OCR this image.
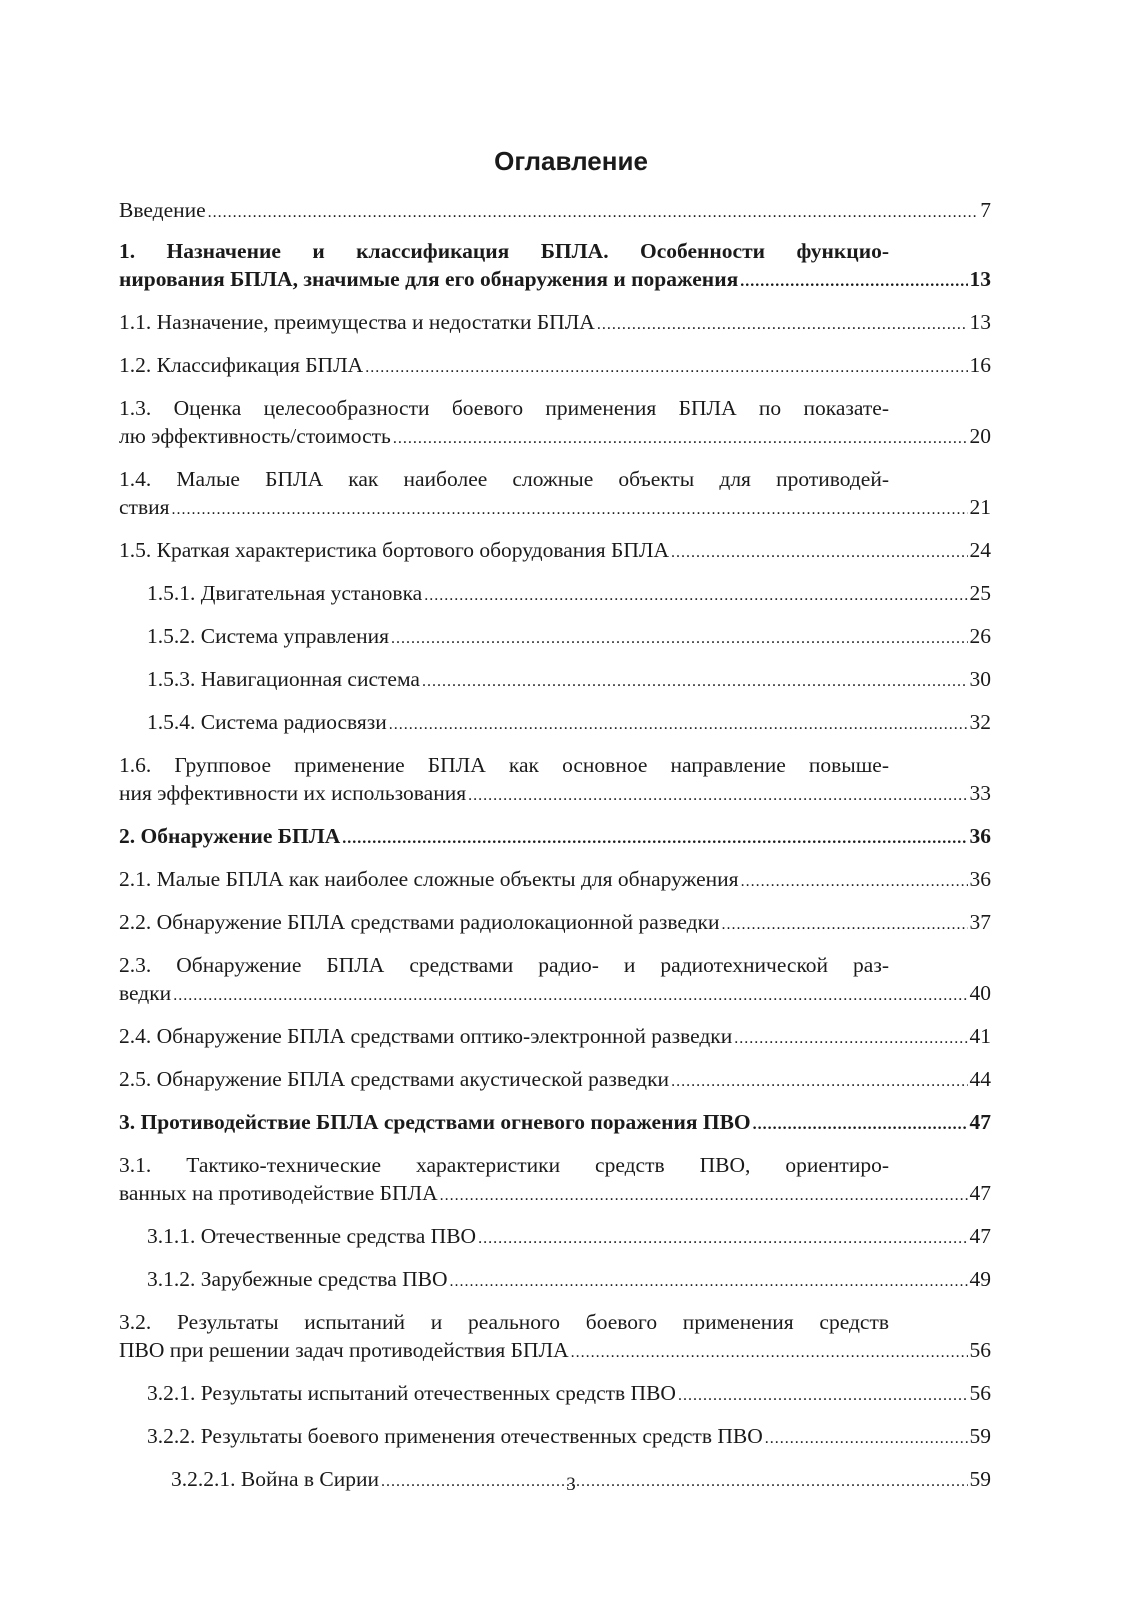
Оглавление
Введение .....	7
1. Назначение и классификация БПЛА. Особенности функцио-
нирования БПЛА, значимые для его обнаружения и поражения .....	13
1.1. Назначение, преимущества и недостатки БПЛА .....	13
1.2. Классификация БПЛА .....	16
1.3. Оценка целесообразности боевого применения БПЛА по показате-
лю эффективность/стоимость .....	20
1.4. Малые БПЛА как наиболее сложные объекты для противодей-
ствия .....	21
1.5. Краткая характеристика бортового оборудования БПЛА .....	24
1.5.1. Двигательная установка .....	25
1.5.2. Система управления .....	26
1.5.3. Навигационная система .....	30
1.5.4. Система радиосвязи .....	32
1.6. Групповое применение БПЛА как основное направление повыше-
ния эффективности их использования .....	33
2. Обнаружение БПЛА .....	36
2.1. Малые БПЛА как наиболее сложные объекты для обнаружения .....	36
2.2. Обнаружение БПЛА средствами радиолокационной разведки .....	37
2.3. Обнаружение БПЛА средствами радио- и радиотехнической раз-
ведки .....	40
2.4. Обнаружение БПЛА средствами оптико-электронной разведки .....	41
2.5. Обнаружение БПЛА средствами акустической разведки .....	44
3. Противодействие БПЛА средствами огневого поражения ПВО .....	47
3.1. Тактико-технические характеристики средств ПВО, ориентиро-
ванных на противодействие БПЛА .....	47
3.1.1. Отечественные средства ПВО .....	47
3.1.2. Зарубежные средства ПВО .....	49
3.2. Результаты испытаний и реального боевого применения средств
ПВО при решении задач противодействия БПЛА .....	56
3.2.1. Результаты испытаний отечественных средств ПВО .....	56
3.2.2. Результаты боевого применения отечественных средств ПВО .....	59
3.2.2.1. Война в Сирии .....	59
3
